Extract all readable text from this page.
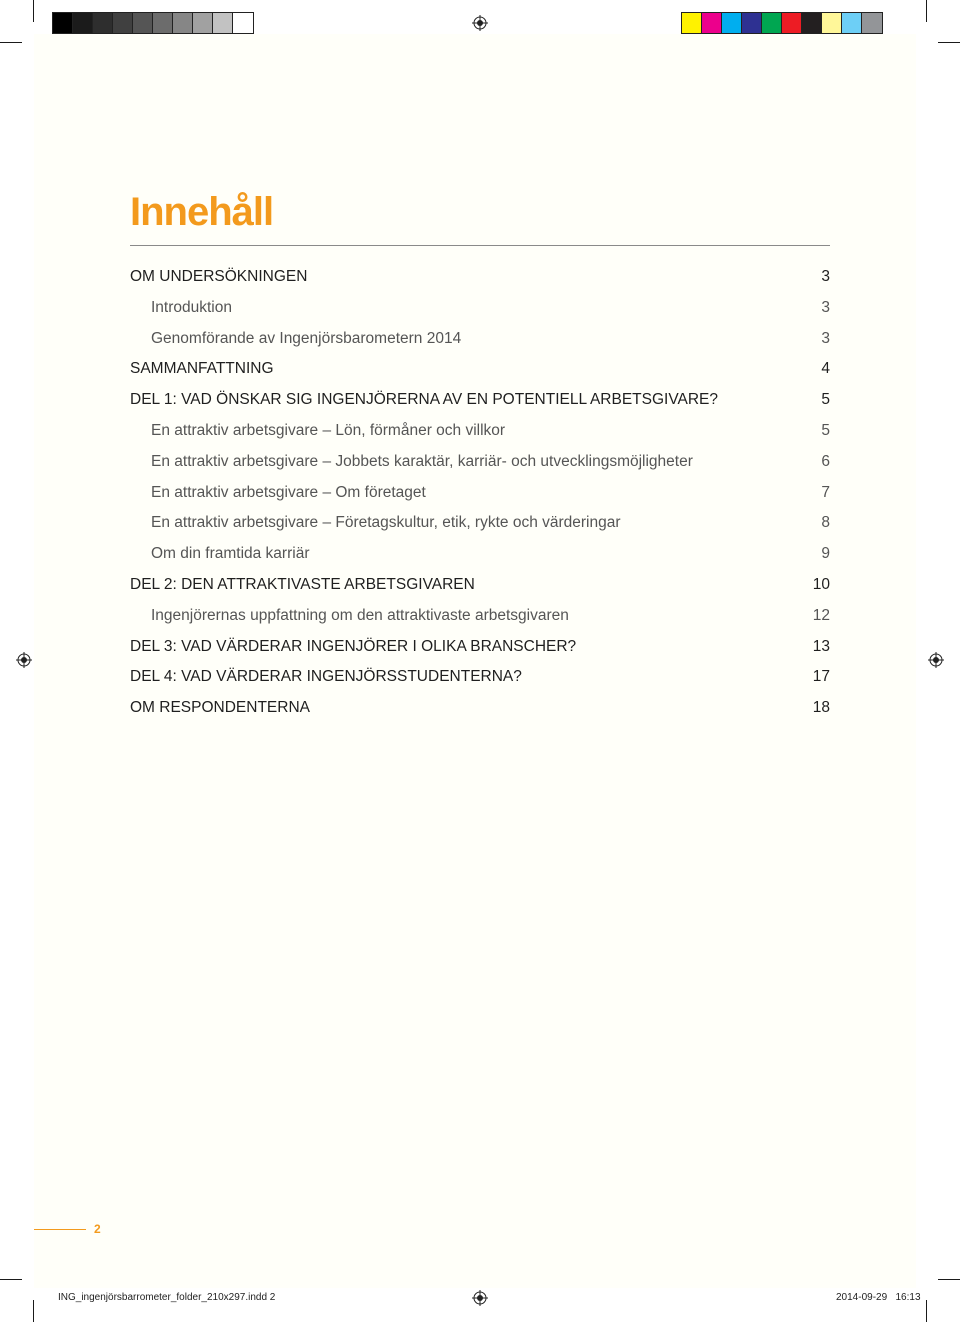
Innehåll
OM UNDERSÖKNINGEN	3
Introduktion	3
Genomförande av Ingenjörsbarometern 2014	3
SAMMANFATTNING	4
DEL 1: VAD ÖNSKAR SIG INGENJÖRERNA AV EN POTENTIELL ARBETSGIVARE?	5
En attraktiv arbetsgivare – Lön, förmåner och villkor	5
En attraktiv arbetsgivare – Jobbets karaktär, karriär- och utvecklingsmöjligheter	6
En attraktiv arbetsgivare – Om företaget	7
En attraktiv arbetsgivare – Företagskultur, etik, rykte och värderingar	8
Om din framtida karriär	9
DEL 2: DEN ATTRAKTIVASTE ARBETSGIVAREN	10
Ingenjörernas uppfattning om den attraktivaste arbetsgivaren	12
DEL 3: VAD VÄRDERAR INGENJÖRER I OLIKA BRANSCHER?	13
DEL 4: VAD VÄRDERAR INGENJÖRSSTUDENTERNA?	17
OM RESPONDENTERNA	18
2
ING_ingenjörsbarrometer_folder_210x297.indd 2	2014-09-29   16:13
